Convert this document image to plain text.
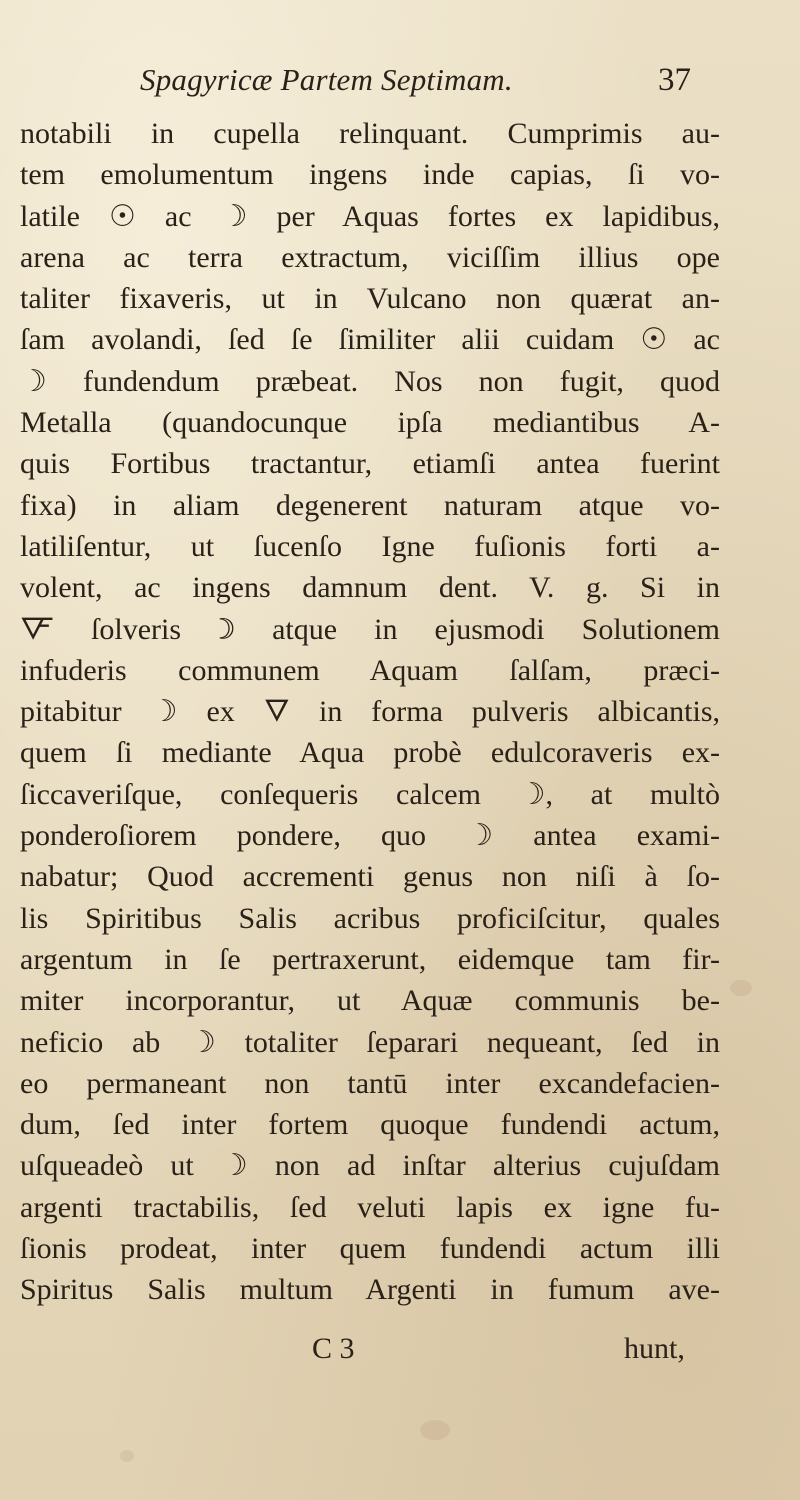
Spagyricæ Partem Septimam.	37
notabili in cupella relinquant. Cumprimis au-
tem emolumentum ingens inde capias, ſi vo-
latile ☉ ac ☽ per Aquas fortes ex lapidibus,
arena ac terra extractum, viciſſim illius ope
taliter fixaveris, ut in Vulcano non quærat an-
ſam avolandi, ſed ſe ſimiliter alii cuidam ☉ ac
☽ fundendum præbeat. Nos non fugit, quod
Metalla (quandocunque ipſa mediantibus A-
quis Fortibus tractantur, etiamſi antea fuerint
fixa) in aliam degenerent naturam atque vo-
latiliſentur, ut ſucenſo Igne fuſionis forti a-
volent, ac ingens damnum dent. V. g. Si in
🜅 ſolveris ☽ atque in ejusmodi Solutionem
infuderis communem Aquam ſalſam, præci-
pitabitur ☽ ex 🜄 in forma pulveris albicantis,
quem ſi mediante Aqua probè edulcoraveris ex-
ſiccaveriſque, conſequeris calcem ☽, at multò
ponderoſiorem pondere, quo ☽ antea exami-
nabatur; Quod accrementi genus non niſi à ſo-
lis Spiritibus Salis acribus proficiſcitur, quales
argentum in ſe pertraxerunt, eidemque tam fir-
miter incorporantur, ut Aquæ communis be-
neficio ab ☽ totaliter ſeparari nequeant, ſed in
eo permaneant non tantū inter excandefacien-
dum, ſed inter fortem quoque fundendi actum,
uſqueadeò ut ☽ non ad inſtar alterius cujuſdam
argenti tractabilis, ſed veluti lapis ex igne fu-
ſionis prodeat, inter quem fundendi actum illi
Spiritus Salis multum Argenti in fumum ave-
C 3	hunt,
